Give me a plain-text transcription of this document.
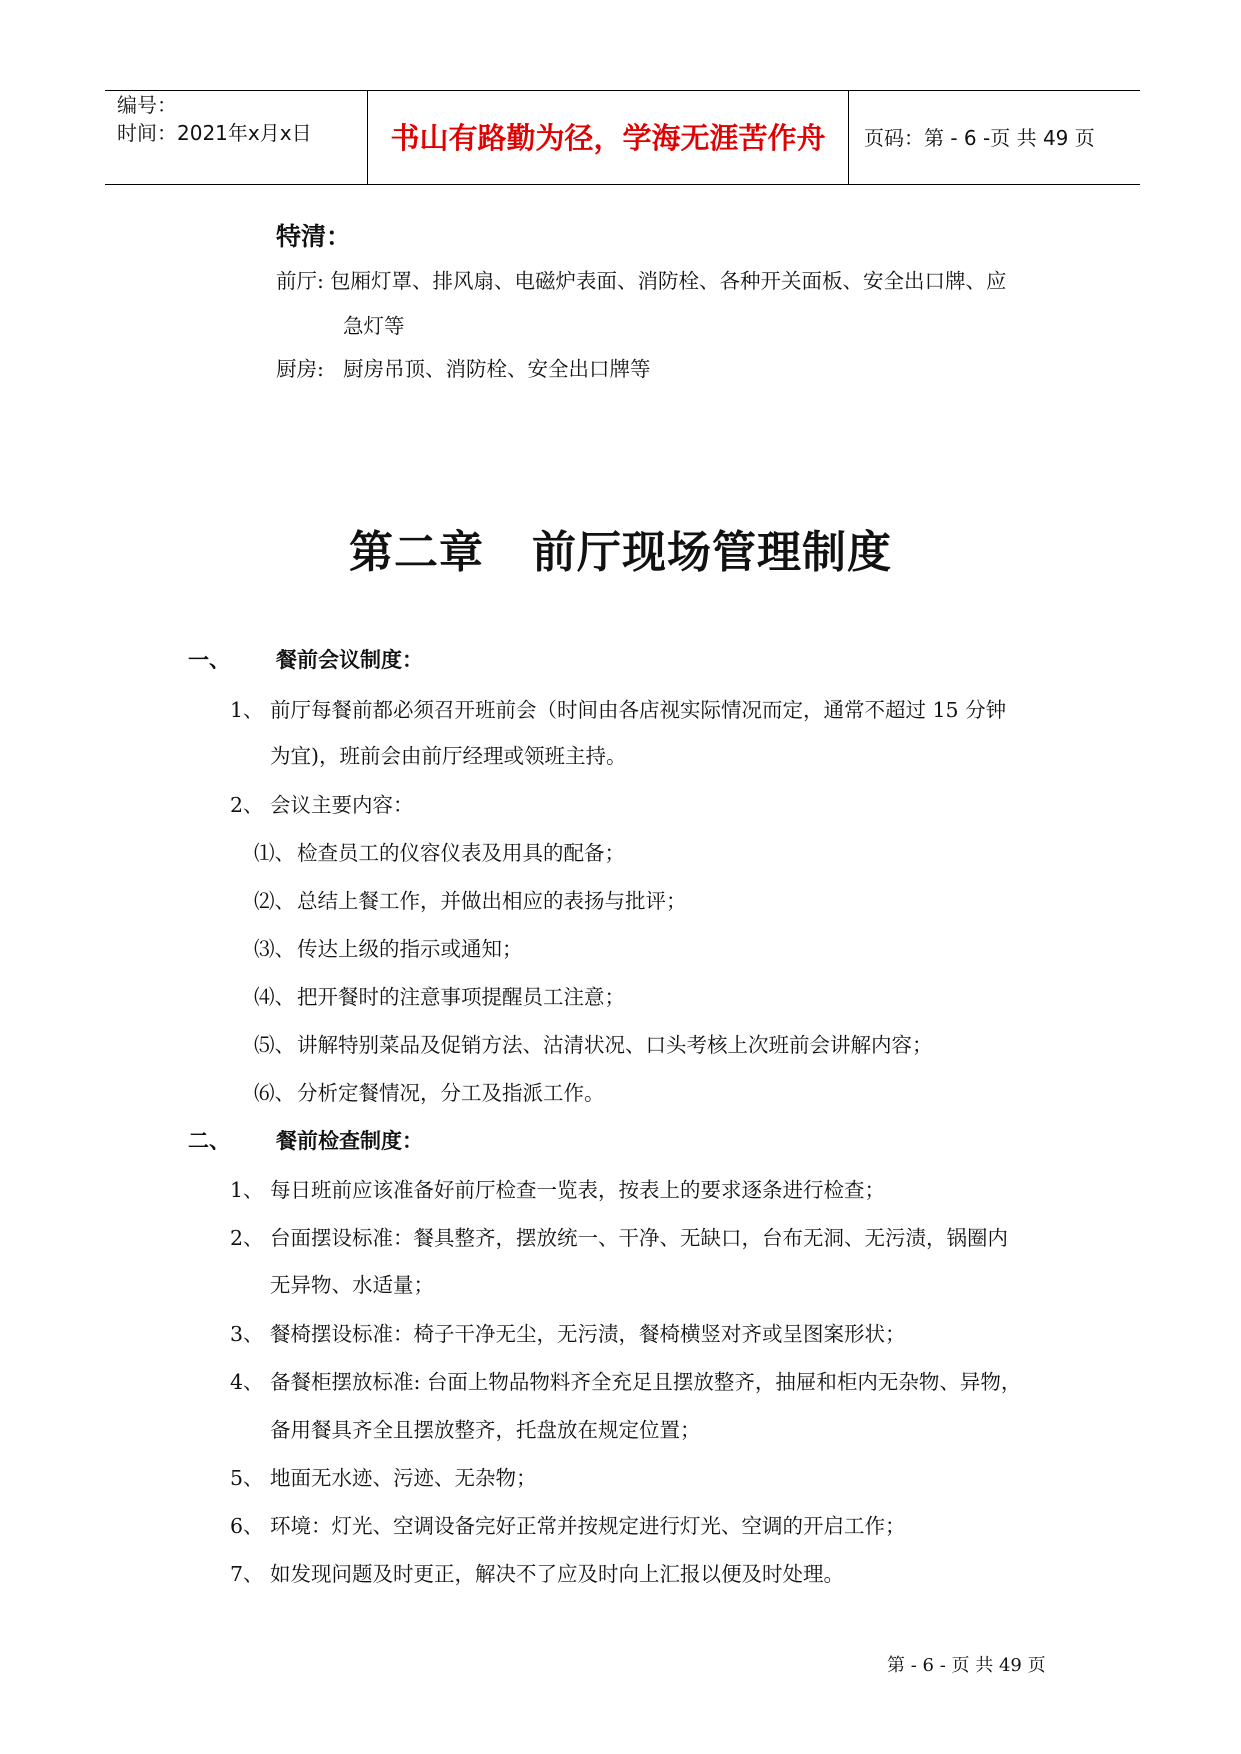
编号：
时间：2021年x月x日	书山有路勤为径，学海无涯苦作舟	页码：第 - 6 -页 共 49 页
特清：
前厅: 包厢灯罩、排风扇、电磁炉表面、消防栓、各种开关面板、安全出口牌、应
急灯等
厨房: 厨房吊顶、消防栓、安全出口牌等
第二章 前厅现场管理制度
一、 餐前会议制度：
1、 前厅每餐前都必须召开班前会（时间由各店视实际情况而定，通常不超过 15 分钟
为宜)，班前会由前厅经理或领班主持。
2、 会议主要内容：
⑴、 检查员工的仪容仪表及用具的配备；
⑵、 总结上餐工作，并做出相应的表扬与批评；
⑶、 传达上级的指示或通知；
⑷、 把开餐时的注意事项提醒员工注意；
⑸、 讲解特别菜品及促销方法、沽清状况、口头考核上次班前会讲解内容；
⑹、 分析定餐情况，分工及指派工作。
二、 餐前检查制度：
1、 每日班前应该准备好前厅检查一览表，按表上的要求逐条进行检查；
2、 台面摆设标准：餐具整齐，摆放统一、干净、无缺口，台布无洞、无污渍，锅圈内
无异物、水适量；
3、 餐椅摆设标准：椅子干净无尘，无污渍，餐椅横竖对齐或呈图案形状；
4、 备餐柜摆放标准: 台面上物品物料齐全充足且摆放整齐，抽屉和柜内无杂物、异物，
备用餐具齐全且摆放整齐，托盘放在规定位置；
5、 地面无水迹、污迹、无杂物；
6、 环境：灯光、空调设备完好正常并按规定进行灯光、空调的开启工作；
7、 如发现问题及时更正，解决不了应及时向上汇报以便及时处理。
第 - 6 - 页 共 49 页
